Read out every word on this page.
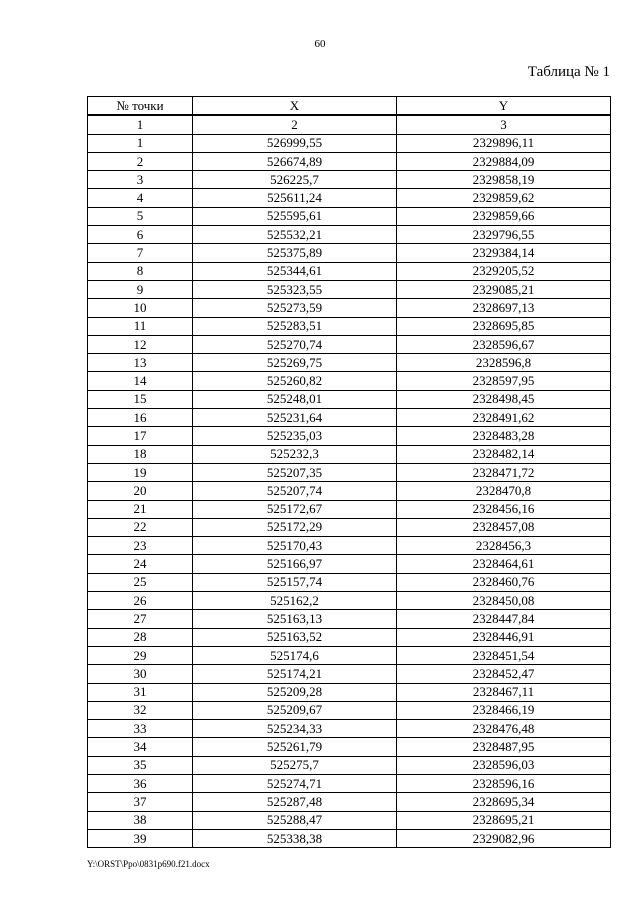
60
Таблица № 1
№ точки	X	Y
1	2	3
1	526999,55	2329896,11
2	526674,89	2329884,09
3	526225,7	2329858,19
4	525611,24	2329859,62
5	525595,61	2329859,66
6	525532,21	2329796,55
7	525375,89	2329384,14
8	525344,61	2329205,52
9	525323,55	2329085,21
10	525273,59	2328697,13
11	525283,51	2328695,85
12	525270,74	2328596,67
13	525269,75	2328596,8
14	525260,82	2328597,95
15	525248,01	2328498,45
16	525231,64	2328491,62
17	525235,03	2328483,28
18	525232,3	2328482,14
19	525207,35	2328471,72
20	525207,74	2328470,8
21	525172,67	2328456,16
22	525172,29	2328457,08
23	525170,43	2328456,3
24	525166,97	2328464,61
25	525157,74	2328460,76
26	525162,2	2328450,08
27	525163,13	2328447,84
28	525163,52	2328446,91
29	525174,6	2328451,54
30	525174,21	2328452,47
31	525209,28	2328467,11
32	525209,67	2328466,19
33	525234,33	2328476,48
34	525261,79	2328487,95
35	525275,7	2328596,03
36	525274,71	2328596,16
37	525287,48	2328695,34
38	525288,47	2328695,21
39	525338,38	2329082,96
Y:\ORST\Ppo\0831p690.f21.docx
